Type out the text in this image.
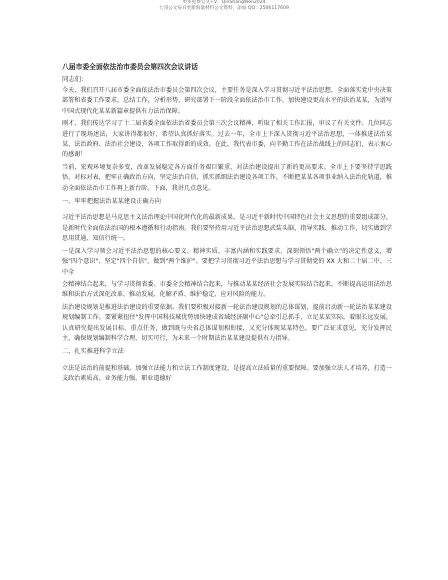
更多免费公文+V：QinShangWen2024
七哥公文每日更新海量材料公文资料，添加 QQ：2506117609
八届市委全面依法治市委员会第四次会议讲话
同志们：

今天，我们召开八届市委全面依法治市委员会第四次会议，主要任务是深入学习贯彻习近平法治思想，全面落实党中央决策部署和省委工作要求，总结工作，分析形势，研究部署下一阶段全面依法治市工作，加快建设更高水平的法治某某，为谱写中国式现代化某某新篇章提供有力法治保障。

刚才，我们传达学习了十二届省委全面依法治省委员会第三次会议精神，听取了相关工作汇报，审议了有关文件。几位同志进行了现场述法，大家讲得都很好，希望认真抓好落实。过去一年，全市上下深入贯彻习近平法治思想，一体推进法治某某、法治政府、法治社会建设，各项工作取得新的成效。在此，我代表市委，向辛勤工作在法治战线上的同志们，表示衷心的感谢！

当前，宏观环境复杂多变，改革发展稳定各方面任务艰巨繁重，对法治建设提出了新的更高要求。全市上下要坚持学思践悟、对标对表，把牢正确政治方向，坚定法治自信，抓实抓细法治建设各项工作，不断把某某各项事业纳入法治化轨道，推动全面依法治市工作再上新台阶。下面，我讲几点意见。

一、牢牢把握法治某某建设正确方向

习近平法治思想是马克思主义法治理论中国化时代化的最新成果，是习近平新时代中国特色社会主义思想的重要组成部分，是新时代全面依法治国的根本遵循和行动指南。我们要坚持用习近平法治思想武装头脑、指导实践、推动工作，切实做到学思用贯通、知信行统一。

一是深入学习领会习近平法治思想的核心要义、精神实质、丰富内涵和实践要求，深刻领悟"两个确立"的决定性意义，增强"四个意识"、坚定"四个自信"、做到"两个维护"。要把学习贯彻习近平法治思想与学习贯彻党的 XX 大和二十届二中、三中全

会精神结合起来，与学习贯彻省委、市委全会精神结合起来，与推动某某经济社会发展实际结合起来，不断提高运用法治思维和法治方式深化改革、推动发展、化解矛盾、维护稳定、应对风险的能力。

法治建设规划是推进法治建设的重要依据。我们要积极对接新一轮法治建设规划的总体谋划，提前启动新一轮法治某某建设规划编制工作。要紧紧扭住"发挥中国科技城优势加快建成省域经济副中心"总牵引总抓手，立足某某实际，着眼长远发展，认真研究提出发展目标、重点任务，做到既与央省总体谋划相衔接，又充分体现某某特色。要广泛征求意见，充分发挥民主，确保规划编制科学合理、切实可行，为未来一个时期法治某某建设提供有力指导。

二、扎实推进科学立法

立法是法治的前提和基础。加强立法能力和立法工作制度建设，是提高立法质量的重要保障。要加强立法人才培养，打造一支政治素质高、业务能力强、职业道德好
